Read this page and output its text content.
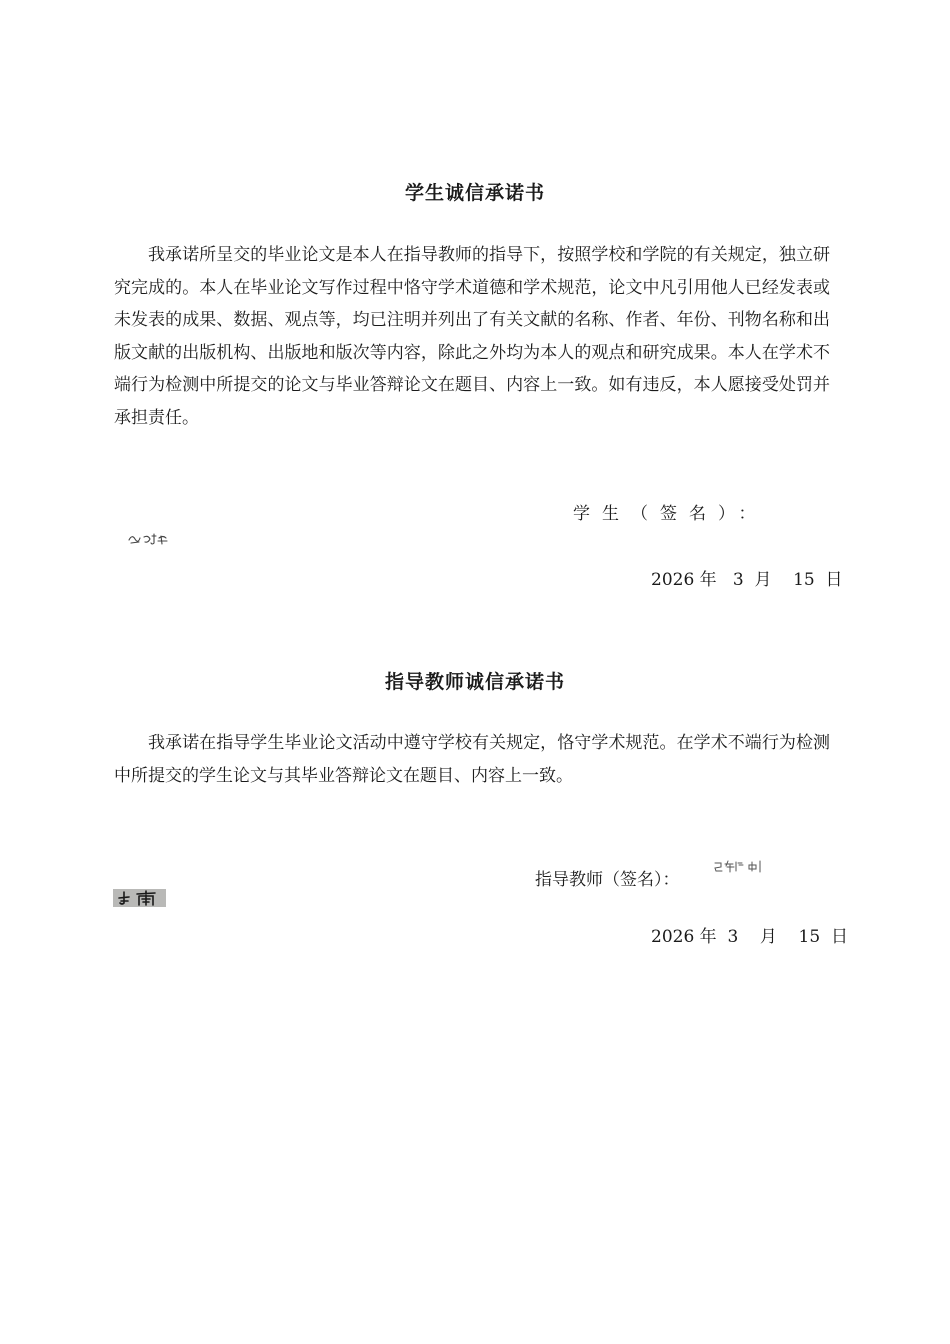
学生诚信承诺书

我承诺所呈交的毕业论文是本人在指导教师的指导下，按照学校和学院的有关规定，独立研究完成的。本人在毕业论文写作过程中恪守学术道德和学术规范，论文中凡引用他人已经发表或未发表的成果、数据、观点等，均已注明并列出了有关文献的名称、作者、年份、刊物名称和出版文献的出版机构、出版地和版次等内容，除此之外均为本人的观点和研究成果。本人在学术不端行为检测中所提交的论文与毕业答辩论文在题目、内容上一致。如有违反，本人愿接受处罚并承担责任。

学生（签名）：
2026 年   3  月    15  日
指导教师诚信承诺书

我承诺在指导学生毕业论文活动中遵守学校有关规定，恪守学术规范。在学术不端行为检测中所提交的学生论文与其毕业答辩论文在题目、内容上一致。

指导教师（签名）：
2026 年  3    月    15  日
